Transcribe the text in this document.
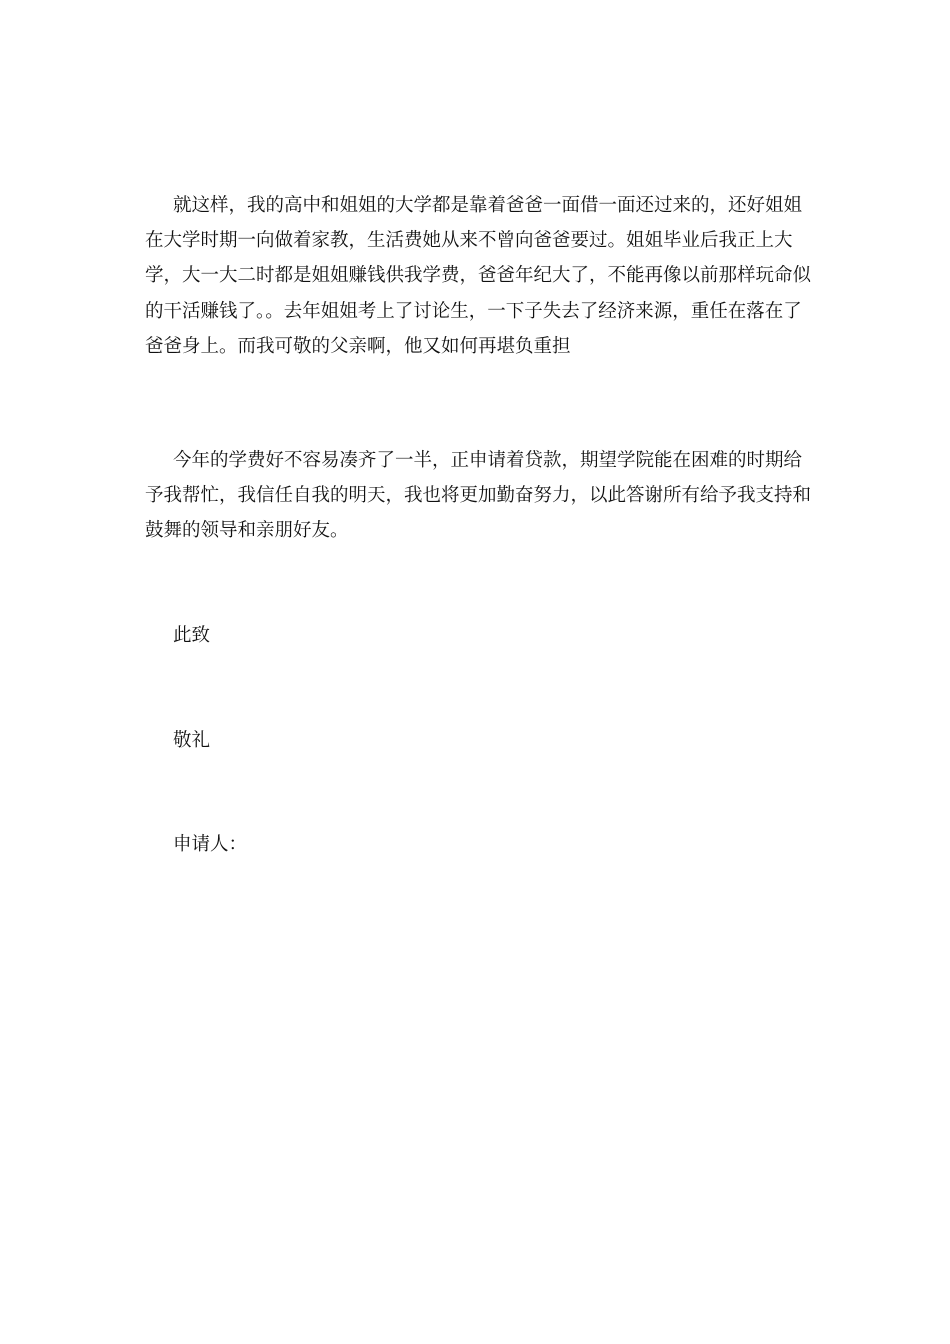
就这样，我的高中和姐姐的大学都是靠着爸爸一面借一面还过来的，还好姐姐在大学时期一向做着家教，生活费她从来不曾向爸爸要过。姐姐毕业后我正上大学，大一大二时都是姐姐赚钱供我学费，爸爸年纪大了，不能再像以前那样玩命似的干活赚钱了。。去年姐姐考上了讨论生，一下子失去了经济来源，重任在落在了爸爸身上。而我可敬的父亲啊，他又如何再堪负重担

今年的学费好不容易凑齐了一半，正申请着贷款，期望学院能在困难的时期给予我帮忙，我信任自我的明天，我也将更加勤奋努力，以此答谢所有给予我支持和鼓舞的领导和亲朋好友。

此致

敬礼

申请人：
